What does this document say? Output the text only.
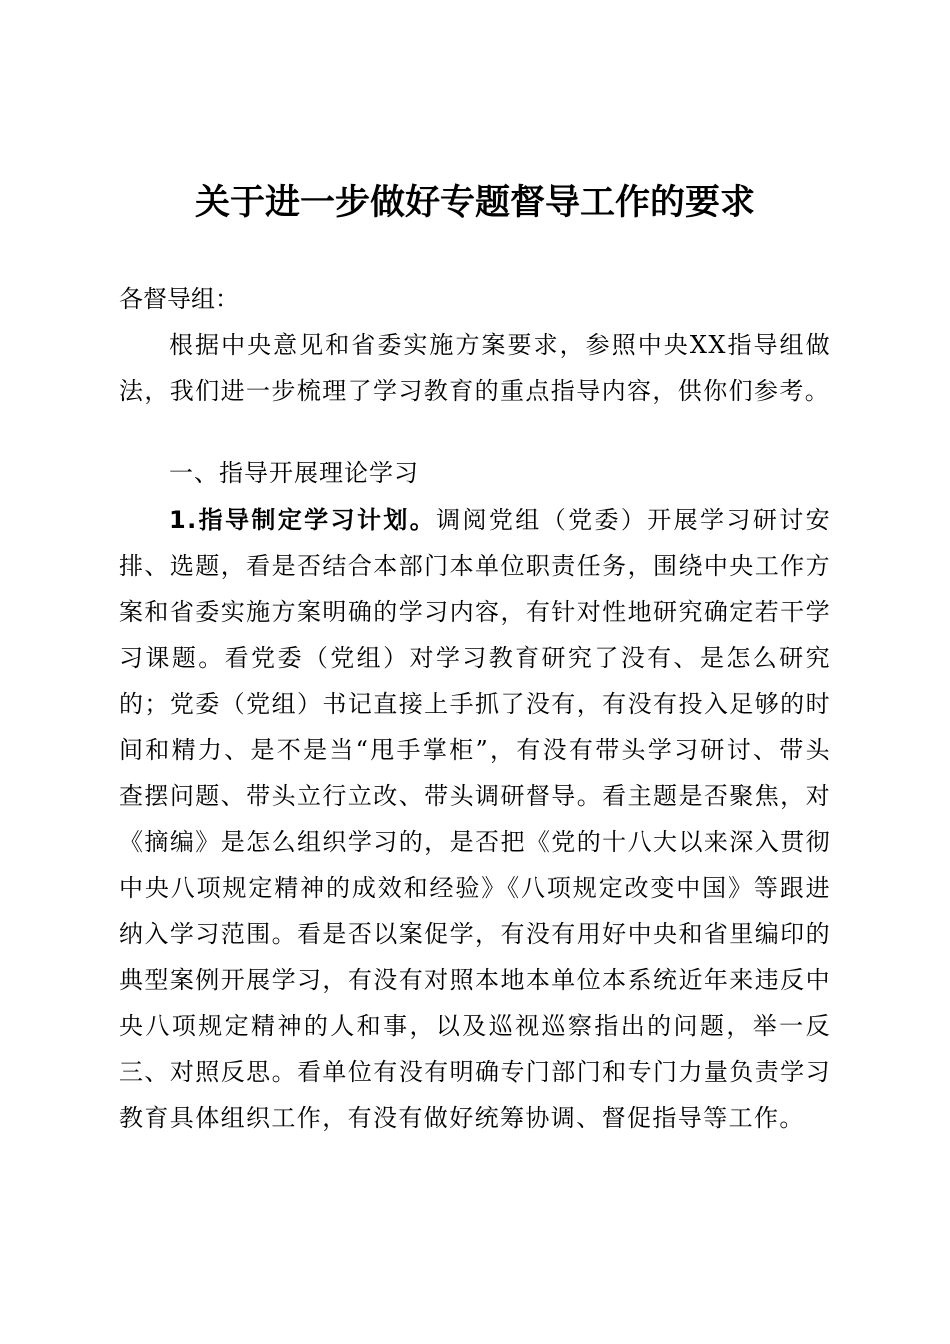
关于进一步做好专题督导工作的要求
各督导组：

根据中央意见和省委实施方案要求，参照中央XX指导组做法，我们进一步梳理了学习教育的重点指导内容，供你们参考。

一、指导开展理论学习

1.指导制定学习计划。调阅党组（党委）开展学习研讨安排、选题，看是否结合本部门本单位职责任务，围绕中央工作方案和省委实施方案明确的学习内容，有针对性地研究确定若干学习课题。看党委（党组）对学习教育研究了没有、是怎么研究的；党委（党组）书记直接上手抓了没有，有没有投入足够的时间和精力、是不是当“甩手掌柜”，有没有带头学习研讨、带头查摆问题、带头立行立改、带头调研督导。看主题是否聚焦，对《摘编》是怎么组织学习的，是否把《党的十八大以来深入贯彻中央八项规定精神的成效和经验》《八项规定改变中国》等跟进纳入学习范围。看是否以案促学，有没有用好中央和省里编印的典型案例开展学习，有没有对照本地本单位本系统近年来违反中央八项规定精神的人和事，以及巡视巡察指出的问题，举一反三、对照反思。看单位有没有明确专门部门和专门力量负责学习教育具体组织工作，有没有做好统筹协调、督促指导等工作。
